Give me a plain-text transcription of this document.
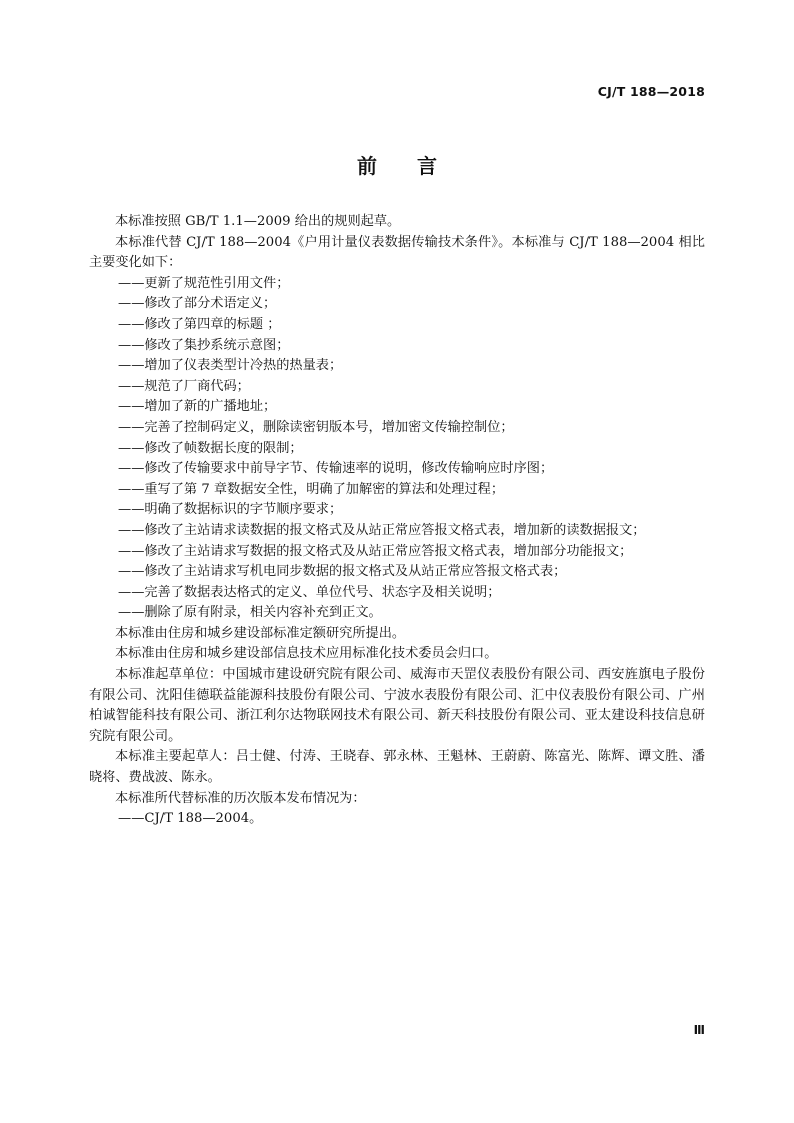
CJ/T 188—2018
前言

本标准按照 GB/T 1.1—2009 给出的规则起草。

本标准代替 CJ/T 188—2004《户用计量仪表数据传输技术条件》。本标准与 CJ/T 188—2004 相比主要变化如下：

——更新了规范性引用文件；

——修改了部分术语定义；

——修改了第四章的标题 ；

——修改了集抄系统示意图；

——增加了仪表类型计冷热的热量表；

——规范了厂商代码；

——增加了新的广播地址；

——完善了控制码定义，删除读密钥版本号，增加密文传输控制位；

——修改了帧数据长度的限制；

——修改了传输要求中前导字节、传输速率的说明，修改传输响应时序图；

——重写了第 7 章数据安全性，明确了加解密的算法和处理过程；

——明确了数据标识的字节顺序要求；

——修改了主站请求读数据的报文格式及从站正常应答报文格式表，增加新的读数据报文；

——修改了主站请求写数据的报文格式及从站正常应答报文格式表，增加部分功能报文；

——修改了主站请求写机电同步数据的报文格式及从站正常应答报文格式表；

——完善了数据表达格式的定义、单位代号、状态字及相关说明；

——删除了原有附录，相关内容补充到正文。

本标准由住房和城乡建设部标准定额研究所提出。

本标准由住房和城乡建设部信息技术应用标准化技术委员会归口。

本标准起草单位：中国城市建设研究院有限公司、威海市天罡仪表股份有限公司、西安旌旗电子股份有限公司、沈阳佳德联益能源科技股份有限公司、宁波水表股份有限公司、汇中仪表股份有限公司、广州柏诚智能科技有限公司、浙江利尔达物联网技术有限公司、新天科技股份有限公司、亚太建设科技信息研究院有限公司。

本标准主要起草人：吕士健、付涛、王晓春、郭永林、王魁林、王蔚蔚、陈富光、陈辉、谭文胜、潘晓将、费战波、陈永。

本标准所代替标准的历次版本发布情况为：

——CJ/T 188—2004。

Ⅲ
